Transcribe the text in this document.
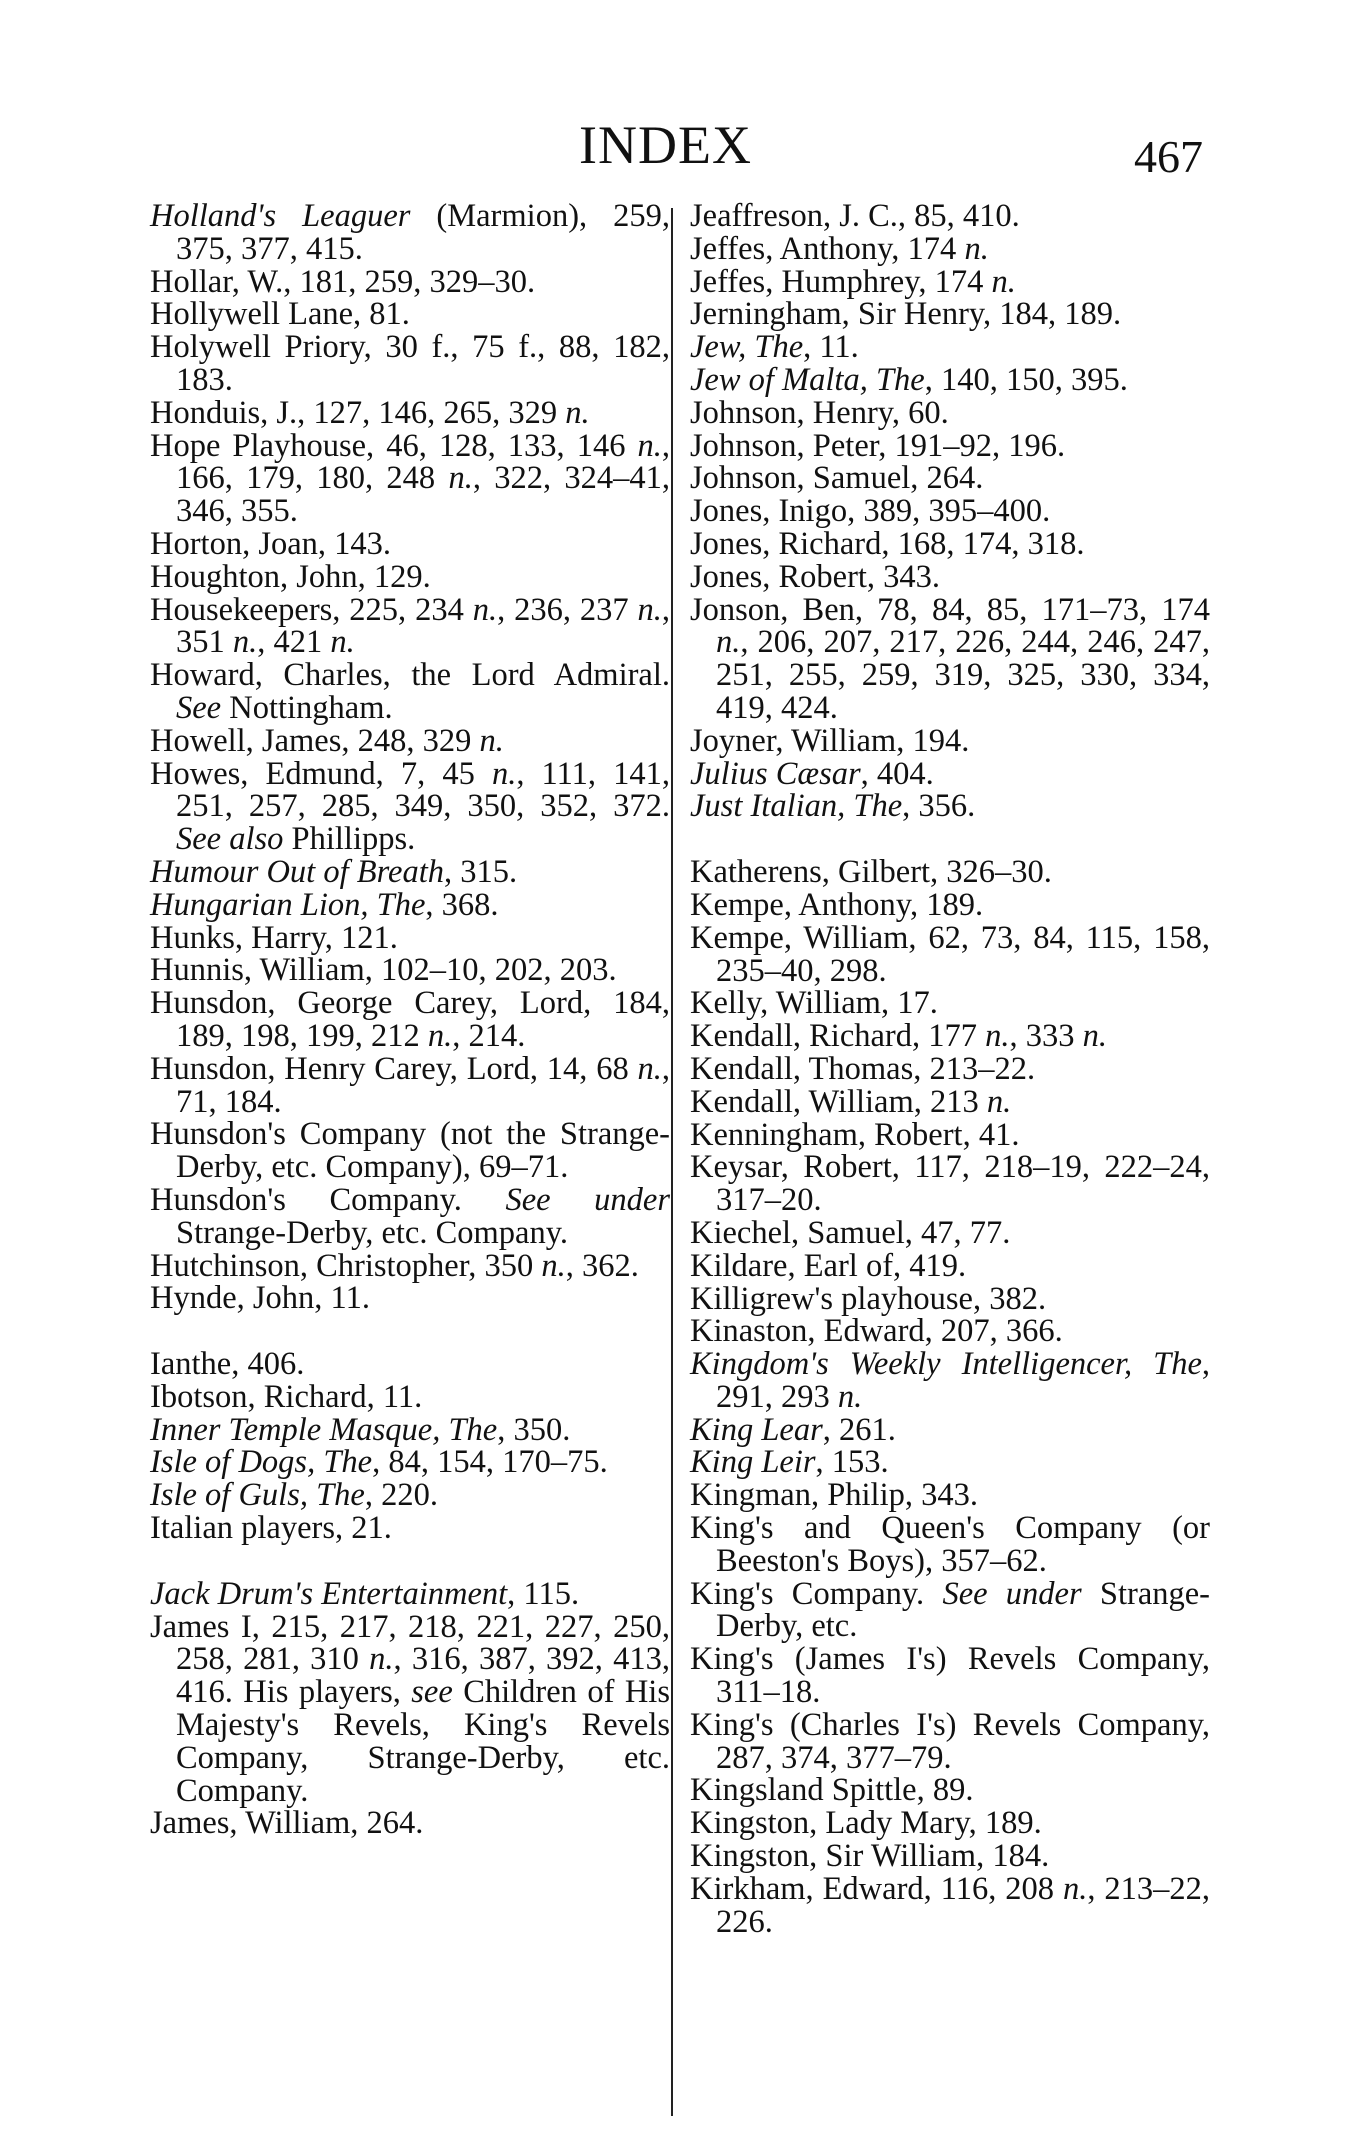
INDEX	467
Holland's Leaguer (Marmion), 259, 375, 377, 415.
Hollar, W., 181, 259, 329–30.
Hollywell Lane, 81.
Holywell Priory, 30 f., 75 f., 88, 182, 183.
Honduis, J., 127, 146, 265, 329 n.
Hope Playhouse, 46, 128, 133, 146 n., 166, 179, 180, 248 n., 322, 324–41, 346, 355.
Horton, Joan, 143.
Houghton, John, 129.
Housekeepers, 225, 234 n., 236, 237 n., 351 n., 421 n.
Howard, Charles, the Lord Admiral. See Nottingham.
Howell, James, 248, 329 n.
Howes, Edmund, 7, 45 n., 111, 141, 251, 257, 285, 349, 350, 352, 372. See also Phillipps.
Humour Out of Breath, 315.
Hungarian Lion, The, 368.
Hunks, Harry, 121.
Hunnis, William, 102–10, 202, 203.
Hunsdon, George Carey, Lord, 184, 189, 198, 199, 212 n., 214.
Hunsdon, Henry Carey, Lord, 14, 68 n., 71, 184.
Hunsdon's Company (not the Strange-Derby, etc. Company), 69–71.
Hunsdon's Company. See under Strange-Derby, etc. Company.
Hutchinson, Christopher, 350 n., 362.
Hynde, John, 11.
Ianthe, 406.
Ibotson, Richard, 11.
Inner Temple Masque, The, 350.
Isle of Dogs, The, 84, 154, 170–75.
Isle of Guls, The, 220.
Italian players, 21.
Jack Drum's Entertainment, 115.
James I, 215, 217, 218, 221, 227, 250, 258, 281, 310 n., 316, 387, 392, 413, 416. His players, see Children of His Majesty's Revels, King's Revels Company, Strange-Derby, etc. Company.
James, William, 264.
Jeaffreson, J. C., 85, 410.
Jeffes, Anthony, 174 n.
Jeffes, Humphrey, 174 n.
Jerningham, Sir Henry, 184, 189.
Jew, The, 11.
Jew of Malta, The, 140, 150, 395.
Johnson, Henry, 60.
Johnson, Peter, 191–92, 196.
Johnson, Samuel, 264.
Jones, Inigo, 389, 395–400.
Jones, Richard, 168, 174, 318.
Jones, Robert, 343.
Jonson, Ben, 78, 84, 85, 171–73, 174 n., 206, 207, 217, 226, 244, 246, 247, 251, 255, 259, 319, 325, 330, 334, 419, 424.
Joyner, William, 194.
Julius Cæsar, 404.
Just Italian, The, 356.
Katherens, Gilbert, 326–30.
Kempe, Anthony, 189.
Kempe, William, 62, 73, 84, 115, 158, 235–40, 298.
Kelly, William, 17.
Kendall, Richard, 177 n., 333 n.
Kendall, Thomas, 213–22.
Kendall, William, 213 n.
Kenningham, Robert, 41.
Keysar, Robert, 117, 218–19, 222–24, 317–20.
Kiechel, Samuel, 47, 77.
Kildare, Earl of, 419.
Killigrew's playhouse, 382.
Kinaston, Edward, 207, 366.
Kingdom's Weekly Intelligencer, The, 291, 293 n.
King Lear, 261.
King Leir, 153.
Kingman, Philip, 343.
King's and Queen's Company (or Beeston's Boys), 357–62.
King's Company. See under Strange-Derby, etc.
King's (James I's) Revels Company, 311–18.
King's (Charles I's) Revels Company, 287, 374, 377–79.
Kingsland Spittle, 89.
Kingston, Lady Mary, 189.
Kingston, Sir William, 184.
Kirkham, Edward, 116, 208 n., 213–22, 226.
